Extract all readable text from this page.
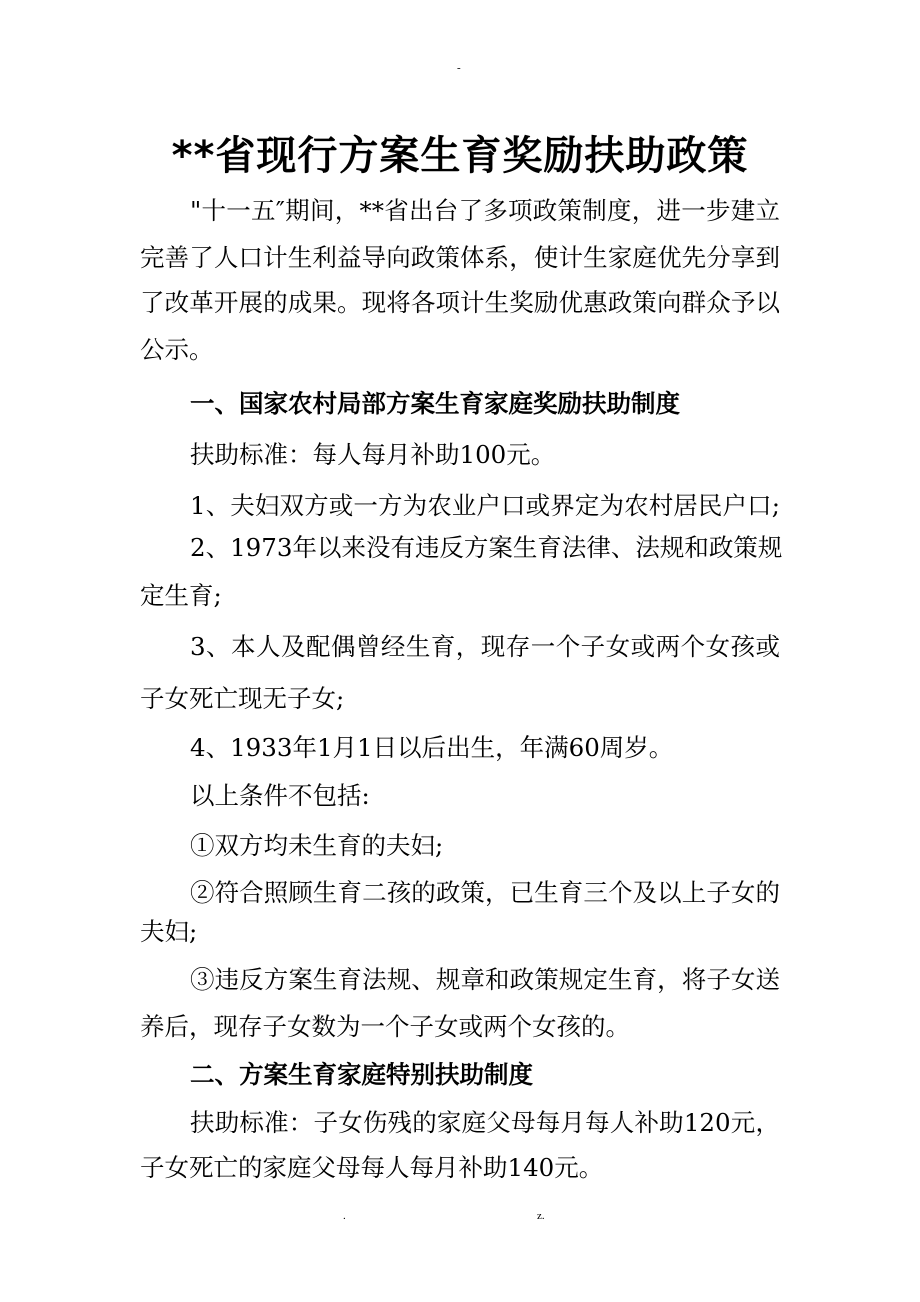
-
**省现行方案生育奖励扶助政策
"十一五″期间，**省出台了多项政策制度，进一步建立
完善了人口计生利益导向政策体系，使计生家庭优先分享到
了改革开展的成果。现将各项计生奖励优惠政策向群众予以
公示。
一、国家农村局部方案生育家庭奖励扶助制度
扶助标准：每人每月补助100元。
1、夫妇双方或一方为农业户口或界定为农村居民户口;
2、1973年以来没有违反方案生育法律、法规和政策规
定生育;
3、本人及配偶曾经生育，现存一个子女或两个女孩或
子女死亡现无子女;
4、1933年1月1日以后出生，年满60周岁。
以上条件不包括:
①双方均未生育的夫妇;
②符合照顾生育二孩的政策，已生育三个及以上子女的
夫妇;
③违反方案生育法规、规章和政策规定生育，将子女送
养后，现存子女数为一个子女或两个女孩的。
二、方案生育家庭特别扶助制度
扶助标准：子女伤残的家庭父母每月每人补助120元，
子女死亡的家庭父母每人每月补助140元。
.	z.
